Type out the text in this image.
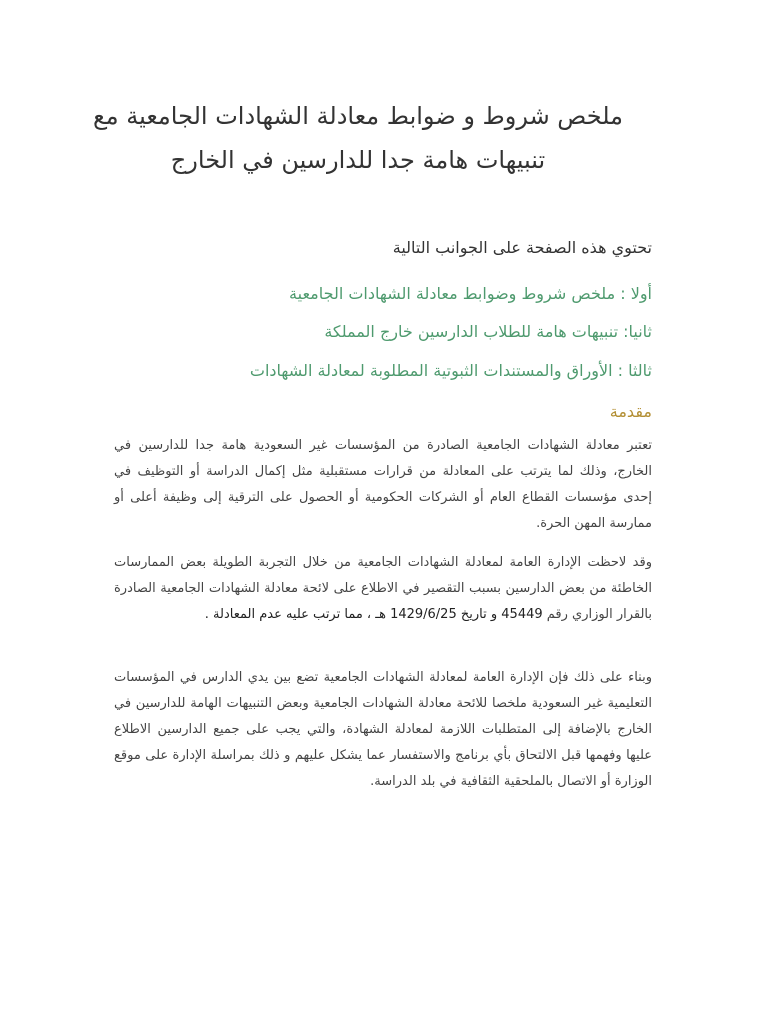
ملخص شروط و ضوابط معادلة الشهادات الجامعية مع
تنبيهات هامة جدا للدارسين في الخارج

تحتوي هذه الصفحة على الجوانب التالية

أولا : ملخص شروط وضوابط معادلة الشهادات الجامعية

ثانيا: تنبيهات هامة للطلاب الدارسين خارج المملكة

ثالثا : الأوراق والمستندات الثبوتية المطلوبة لمعادلة الشهادات

مقدمة

تعتبر معادلة الشهادات الجامعية الصادرة من المؤسسات غير السعودية هامة جدا للدارسين في الخارج، وذلك لما يترتب على المعادلة من قرارات مستقبلية مثل إكمال الدراسة أو التوظيف في إحدى مؤسسات القطاع العام أو الشركات الحكومية أو الحصول على الترقية إلى وظيفة أعلى أو ممارسة المهن الحرة.

وقد لاحظت الإدارة العامة لمعادلة الشهادات الجامعية من خلال التجربة الطويلة بعض الممارسات الخاطئة من بعض الدارسين بسبب التقصير في الاطلاع على لائحة معادلة الشهادات الجامعية الصادرة بالقرار الوزاري رقم 45449 و تاريخ 1429/6/25 هـ ، مما ترتب عليه عدم المعادلة .

وبناء على ذلك فإن الإدارة العامة لمعادلة الشهادات الجامعية تضع بين يدي الدارس في المؤسسات التعليمية غير السعودية ملخصا للائحة معادلة الشهادات الجامعية وبعض التنبيهات الهامة للدارسين في الخارج بالإضافة إلى المتطلبات اللازمة لمعادلة الشهادة، والتي يجب على جميع الدارسين الاطلاع عليها وفهمها قبل الالتحاق بأي برنامج والاستفسار عما يشكل عليهم و ذلك بمراسلة الإدارة على موقع الوزارة أو الاتصال بالملحقية الثقافية في بلد الدراسة.
